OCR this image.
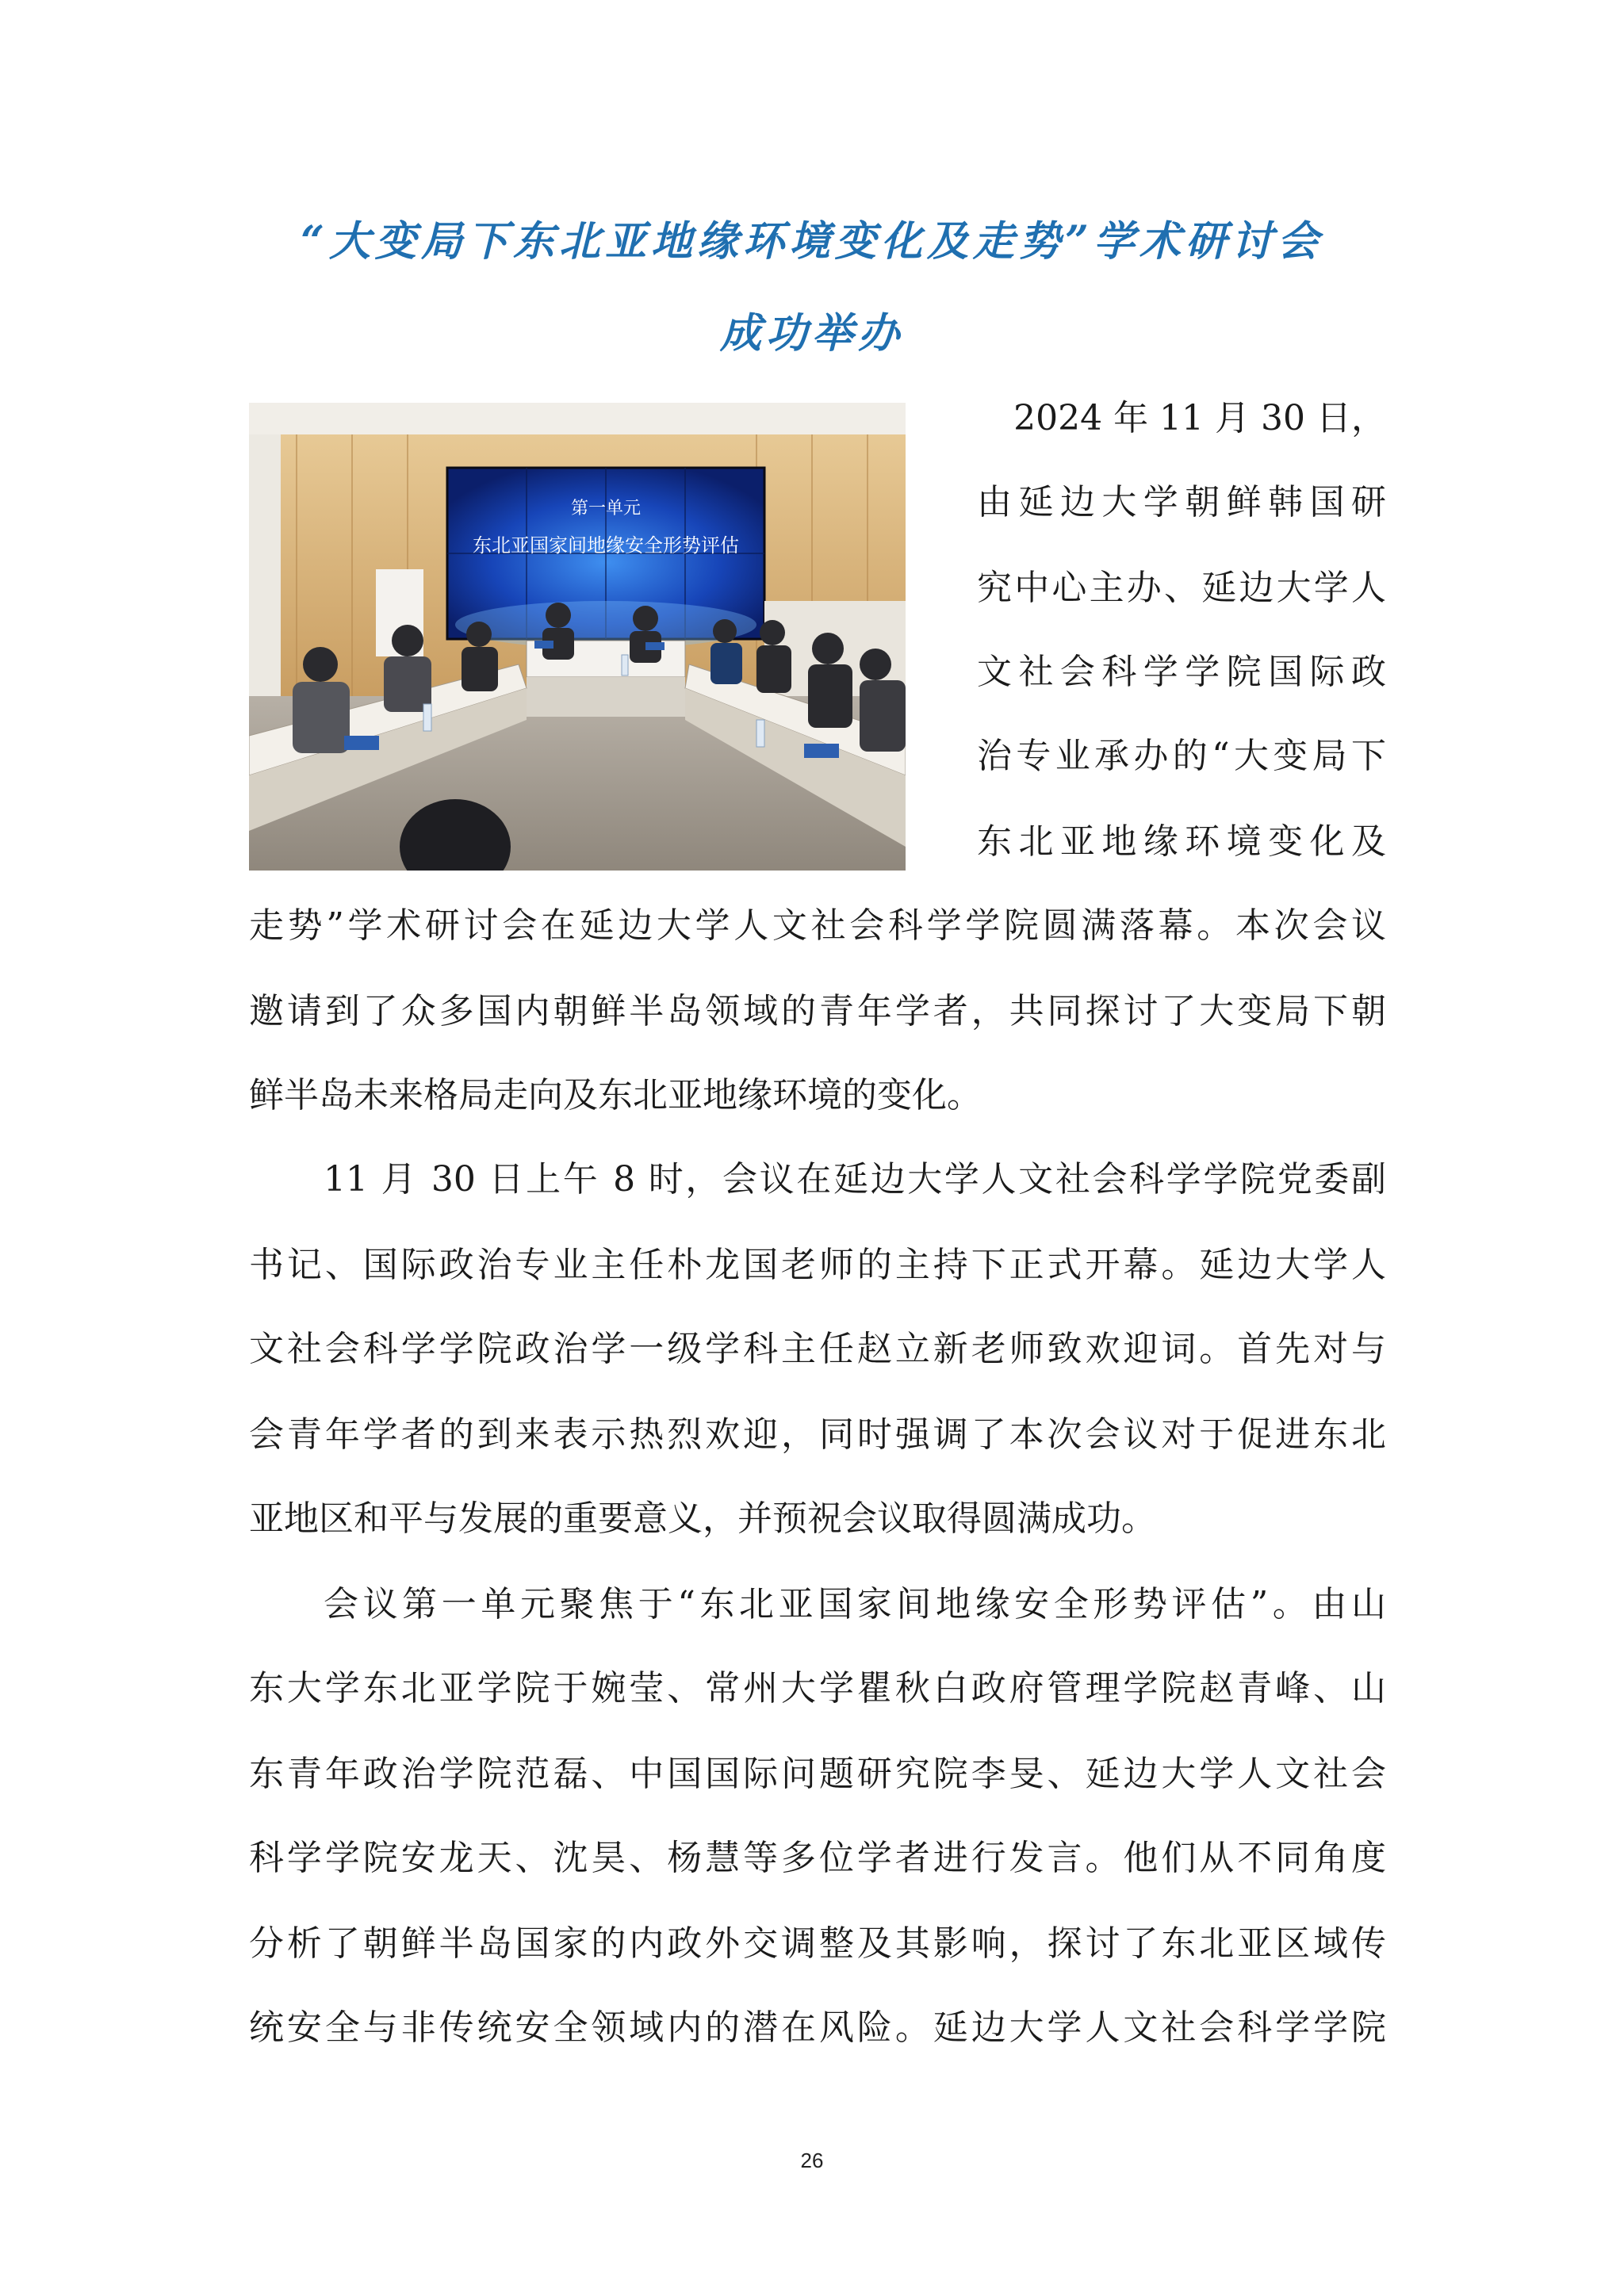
“大变局下东北亚地缘环境变化及走势”学术研讨会
成功举办
第一单元
东北亚国家间地缘安全形势评估
2024 年 11 月 30 日，
由延边大学朝鲜韩国研
究中心主办、延边大学人
文社会科学学院国际政
治专业承办的“大变局下
东北亚地缘环境变化及
走势”学术研讨会在延边大学人文社会科学学院圆满落幕。本次会议
邀请到了众多国内朝鲜半岛领域的青年学者，共同探讨了大变局下朝
鲜半岛未来格局走向及东北亚地缘环境的变化。
11 月 30 日上午 8 时，会议在延边大学人文社会科学学院党委副
书记、国际政治专业主任朴龙国老师的主持下正式开幕。延边大学人
文社会科学学院政治学一级学科主任赵立新老师致欢迎词。首先对与
会青年学者的到来表示热烈欢迎，同时强调了本次会议对于促进东北
亚地区和平与发展的重要意义，并预祝会议取得圆满成功。
会议第一单元聚焦于“东北亚国家间地缘安全形势评估”。由山
东大学东北亚学院于婉莹、常州大学瞿秋白政府管理学院赵青峰、山
东青年政治学院范磊、中国国际问题研究院李旻、延边大学人文社会
科学学院安龙天、沈昊、杨慧等多位学者进行发言。他们从不同角度
分析了朝鲜半岛国家的内政外交调整及其影响，探讨了东北亚区域传
统安全与非传统安全领域内的潜在风险。延边大学人文社会科学学院
26
